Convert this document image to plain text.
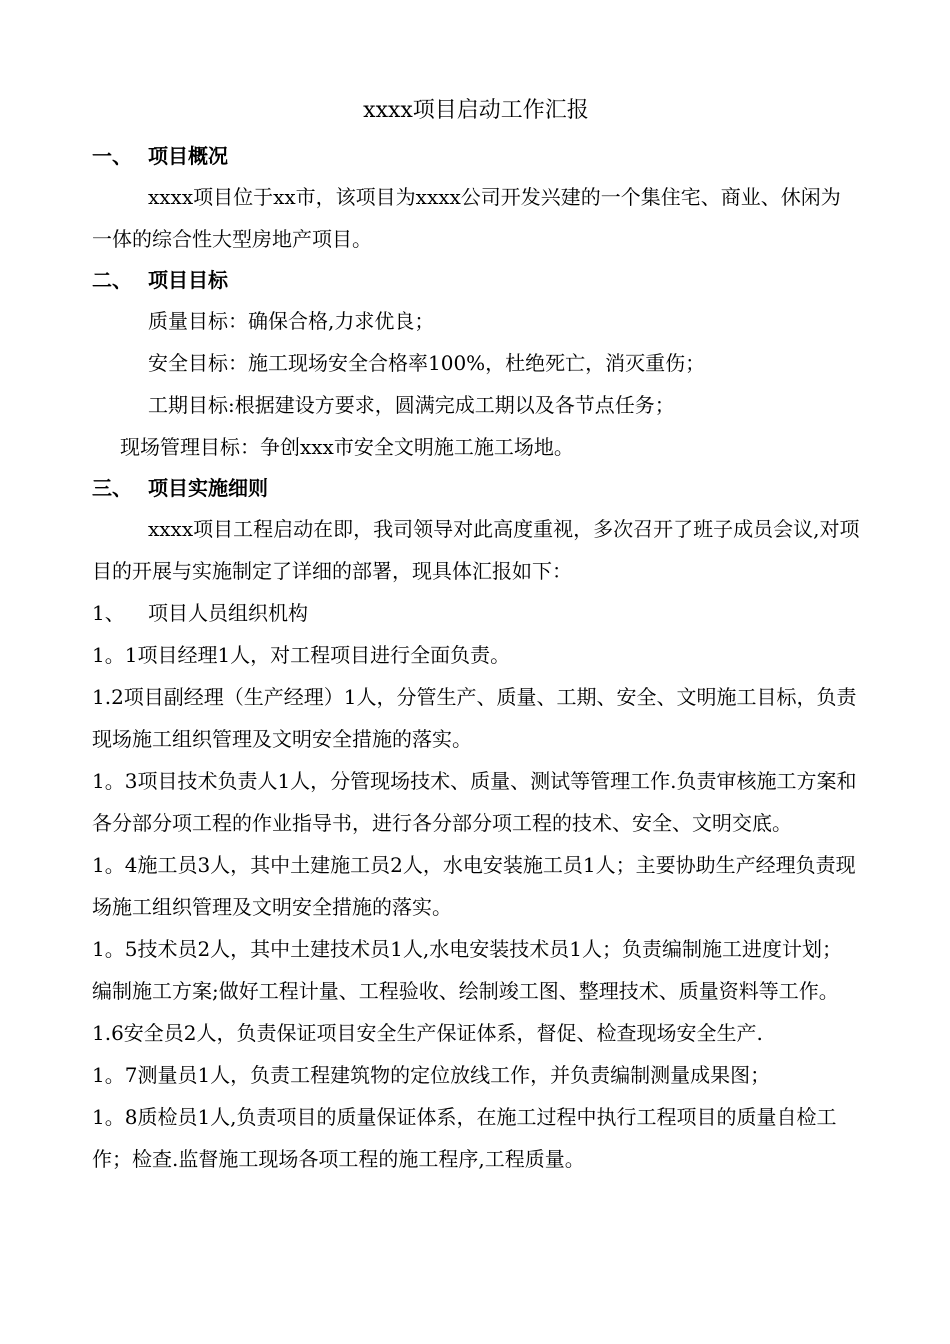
xxxx项目启动工作汇报
一、 项目概况

xxxx项目位于xx市，该项目为xxxx公司开发兴建的一个集住宅、商业、休闲为一体的综合性大型房地产项目。

二、 项目目标

质量目标：确保合格,力求优良；

安全目标：施工现场安全合格率100%，杜绝死亡，消灭重伤；

工期目标:根据建设方要求，圆满完成工期以及各节点任务；

现场管理目标：争创xxx市安全文明施工施工场地。

三、 项目实施细则

xxxx项目工程启动在即，我司领导对此高度重视，多次召开了班子成员会议,对项目的开展与实施制定了详细的部署，现具体汇报如下：

1、 项目人员组织机构

1。1项目经理1人，对工程项目进行全面负责。

1.2项目副经理（生产经理）1人，分管生产、质量、工期、安全、文明施工目标，负责现场施工组织管理及文明安全措施的落实。

1。3项目技术负责人1人，分管现场技术、质量、测试等管理工作.负责审核施工方案和各分部分项工程的作业指导书，进行各分部分项工程的技术、安全、文明交底。

1。4施工员3人，其中土建施工员2人，水电安装施工员1人；主要协助生产经理负责现场施工组织管理及文明安全措施的落实。

1。5技术员2人，其中土建技术员1人,水电安装技术员1人；负责编制施工进度计划；编制施工方案;做好工程计量、工程验收、绘制竣工图、整理技术、质量资料等工作。

1.6安全员2人，负责保证项目安全生产保证体系，督促、检查现场安全生产.

1。7测量员1人，负责工程建筑物的定位放线工作，并负责编制测量成果图；

1。8质检员1人,负责项目的质量保证体系，在施工过程中执行工程项目的质量自检工作；检查.监督施工现场各项工程的施工程序,工程质量。
